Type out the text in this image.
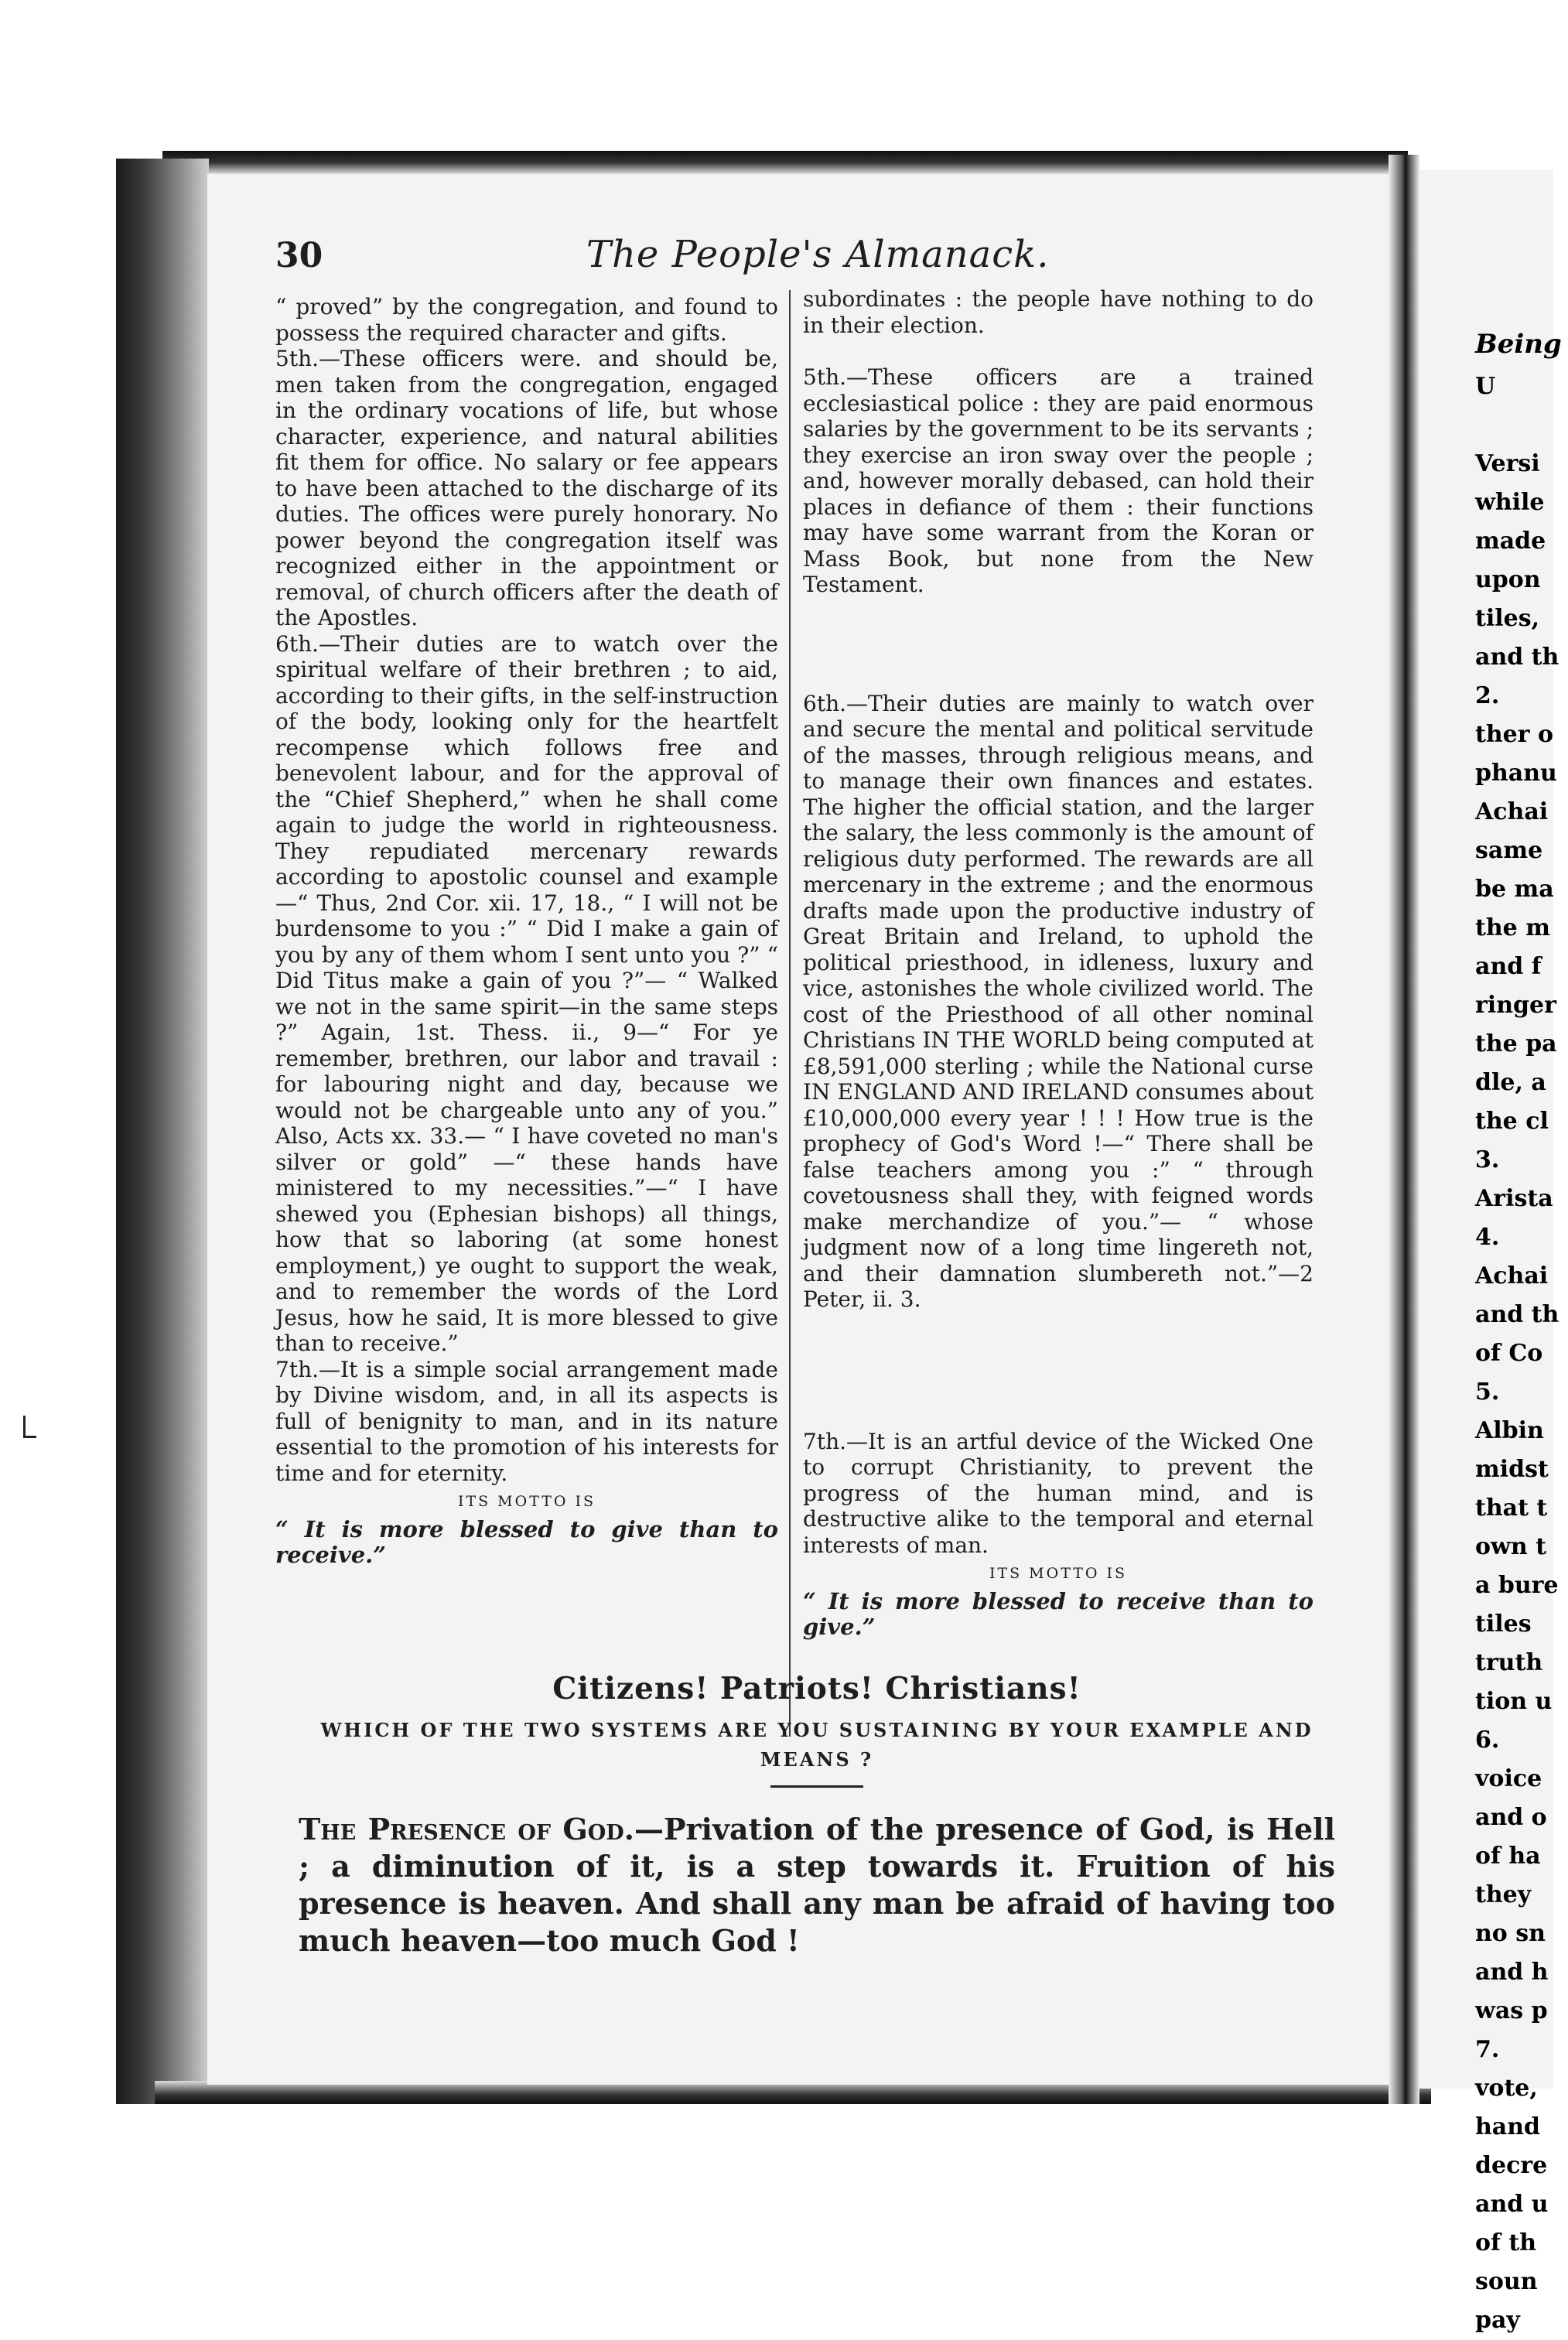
30	The People's Almanack.

“ proved” by the congregation, and found to possess the required character and gifts.

5th.—These officers were. and should be, men taken from the congregation, engaged in the ordinary vocations of life, but whose character, experience, and natural abilities fit them for office. No salary or fee appears to have been attached to the discharge of its duties. The offices were purely honorary. No power beyond the congregation itself was recognized either in the appointment or removal, of church officers after the death of the Apostles.

6th.—Their duties are to watch over the spiritual welfare of their brethren ; to aid, according to their gifts, in the self-instruction of the body, looking only for the heartfelt recompense which follows free and benevolent labour, and for the approval of the “Chief Shepherd,” when he shall come again to judge the world in righteousness. They repudiated mercenary rewards according to apostolic counsel and example —“ Thus, 2nd Cor. xii. 17, 18., “ I will not be burdensome to you :” “ Did I make a gain of you by any of them whom I sent unto you ?” “ Did Titus make a gain of you ?”— “ Walked we not in the same spirit—in the same steps ?” Again, 1st. Thess. ii., 9—“ For ye remember, brethren, our labor and travail : for labouring night and day, because we would not be chargeable unto any of you.” Also, Acts xx. 33.— “ I have coveted no man's silver or gold” —“ these hands have ministered to my necessities.”—“ I have shewed you (Ephesian bishops) all things, how that so laboring (at some honest employment,) ye ought to support the weak, and to remember the words of the Lord Jesus, how he said, It is more blessed to give than to receive.”

7th.—It is a simple social arrangement made by Divine wisdom, and, in all its aspects is full of benignity to man, and in its nature essential to the promotion of his interests for time and for eternity.

ITS MOTTO IS
“ It is more blessed to give than to receive.”

subordinates : the people have nothing to do in their election.

5th.—These officers are a trained ecclesiastical police : they are paid enormous salaries by the government to be its servants ; they exercise an iron sway over the people ; and, however morally debased, can hold their places in defiance of them : their functions may have some warrant from the Koran or Mass Book, but none from the New Testament.

6th.—Their duties are mainly to watch over and secure the mental and political servitude of the masses, through religious means, and to manage their own finances and estates. The higher the official station, and the larger the salary, the less commonly is the amount of religious duty performed. The rewards are all mercenary in the extreme ; and the enormous drafts made upon the productive industry of Great Britain and Ireland, to uphold the political priesthood, in idleness, luxury and vice, astonishes the whole civilized world. The cost of the Priesthood of all other nominal Christians IN THE WORLD being computed at £8,591,000 sterling ; while the National curse IN ENGLAND AND IRELAND consumes about £10,000,000 every year ! ! ! How true is the prophecy of God's Word !—“ There shall be false teachers among you :” “ through covetousness shall they, with feigned words make merchandize of you.”— “ whose judgment now of a long time lingereth not, and their damnation slumbereth not.”—2 Peter, ii. 3.

7th.—It is an artful device of the Wicked One to corrupt Christianity, to prevent the progress of the human mind, and is destructive alike to the temporal and eternal interests of man.

ITS MOTTO IS
“ It is more blessed to receive than to give.”
Citizens! Patriots! Christians!
WHICH OF THE TWO SYSTEMS ARE YOU SUSTAINING BY YOUR EXAMPLE AND MEANS ?
The Presence of God.—Privation of the presence of God, is Hell ; a diminution of it, is a step towards it. Fruition of his presence is heaven. And shall any man be afraid of having too much heaven—too much God !
Being
U

Versi
while
made
upon
tiles,
and th
2.
ther o
phanu
Achai
same
be ma
the m
and f
ringer
the pa
dle, a
the cl
3.
Arista
4.
Achai
and th
of Co
5.
Albin
midst
that t
own t
a bure
tiles
truth
tion u
6.
voice
and o
of ha
they
no sn
and h
was p
7.
vote,
hand
decre
and u
of th
soun
pay
